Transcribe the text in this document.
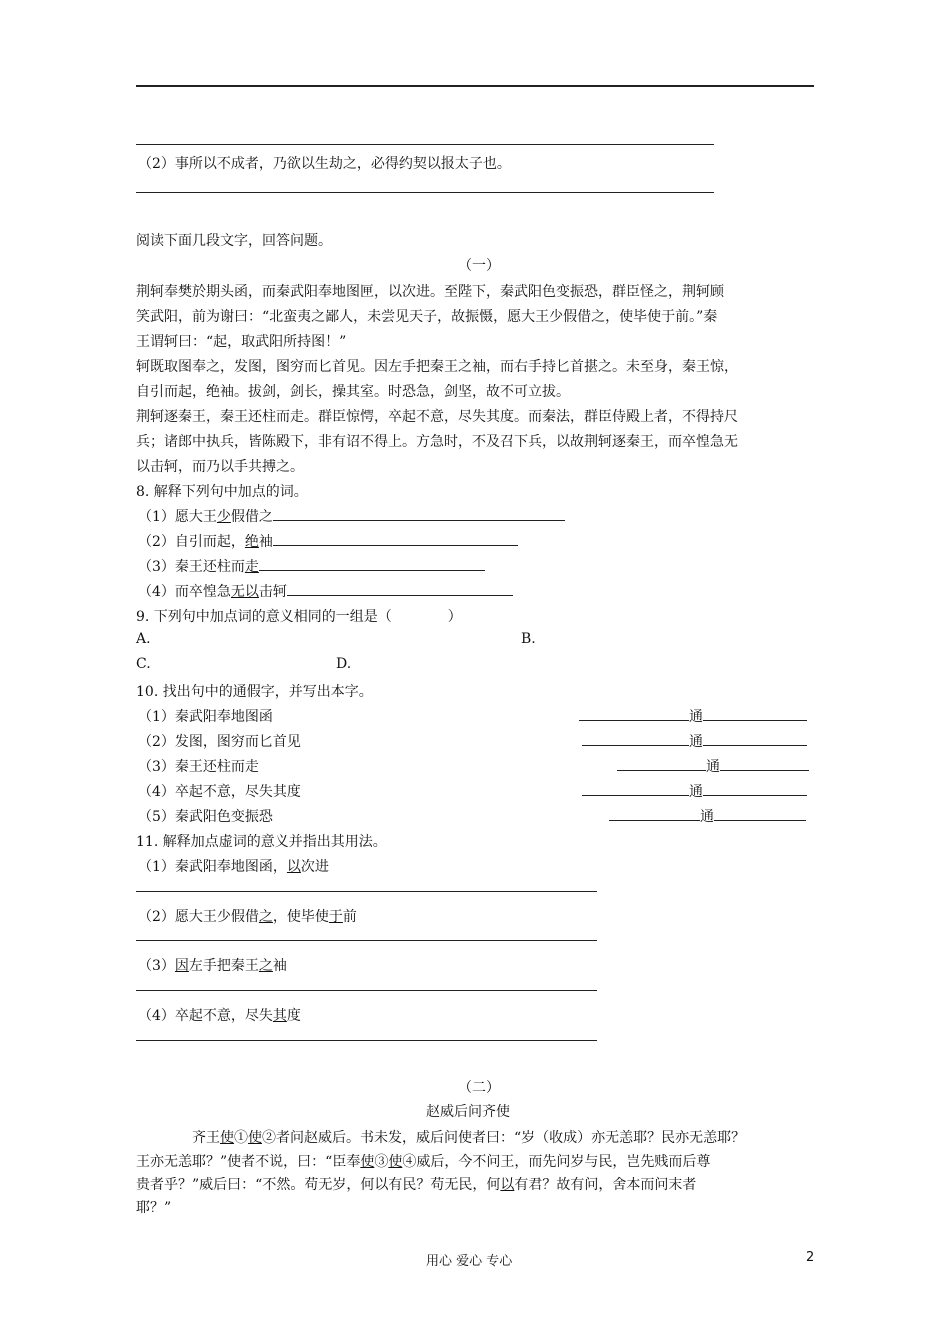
（2）事所以不成者，乃欲以生劫之，必得约契以报太子也。
阅读下面几段文字，回答问题。
（一）
荆轲奉樊於期头函，而秦武阳奉地图匣，以次进。至陛下，秦武阳色变振恐，群臣怪之，荆轲顾
笑武阳，前为谢曰：“北蛮夷之鄙人，未尝见天子，故振慑，愿大王少假借之，使毕使于前。”秦
王谓轲曰：“起，取武阳所持图！”
轲既取图奉之，发图，图穷而匕首见。因左手把秦王之袖，而右手持匕首揕之。未至身，秦王惊，
自引而起，绝袖。拔剑，剑长，操其室。时恐急，剑坚，故不可立拔。
荆轲逐秦王，秦王还柱而走。群臣惊愕，卒起不意，尽失其度。而秦法，群臣侍殿上者，不得持尺
兵；诸郎中执兵，皆陈殿下，非有诏不得上。方急时，不及召下兵，以故荆轲逐秦王，而卒惶急无
以击轲，而乃以手共搏之。
8. 解释下列句中加点的词。
（1）愿大王少假借之
（2）自引而起，绝袖
（3）秦王还柱而走
（4）而卒惶急无以击轲
9. 下列句中加点词的意义相同的一组是（　　　　）
A.	B.
C.	D.
10. 找出句中的通假字，并写出本字。
（1）秦武阳奉地图函	通
（2）发图，图穷而匕首见	通
（3）秦王还柱而走	通
（4）卒起不意，尽失其度	通
（5）秦武阳色变振恐	通
11. 解释加点虚词的意义并指出其用法。
（1）秦武阳奉地图函，以次进
（2）愿大王少假借之，使毕使于前
（3）因左手把秦王之袖
（4）卒起不意，尽失其度
（二）
赵威后问齐使
齐王使①使②者问赵威后。书未发，威后问使者曰：“岁（收成）亦无恙耶？民亦无恙耶？
王亦无恙耶？”使者不说，曰：“臣奉使③使④威后，今不问王，而先问岁与民，岂先贱而后尊
贵者乎？”威后曰：“不然。苟无岁，何以有民？苟无民，何以有君？故有问，舍本而问末者
耶？”
用心 爱心 专心	2
